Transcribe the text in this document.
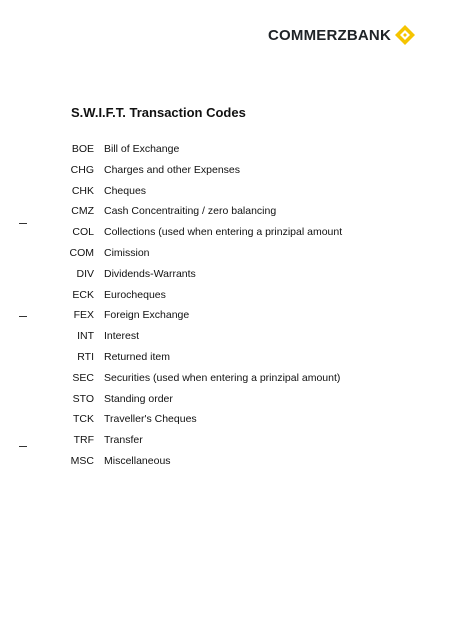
COMMERZBANK
S.W.I.F.T. Transaction Codes
BOE Bill of Exchange
CHG Charges and other Expenses
CHK Cheques
CMZ Cash Concentraiting / zero balancing
COL Collections (used when entering a prinzipal amount
COM Cimission
DIV Dividends-Warrants
ECK Eurocheques
FEX Foreign Exchange
INT Interest
RTI Returned item
SEC Securities (used when entering a prinzipal amount)
STO Standing order
TCK Traveller's Cheques
TRF Transfer
MSC Miscellaneous
